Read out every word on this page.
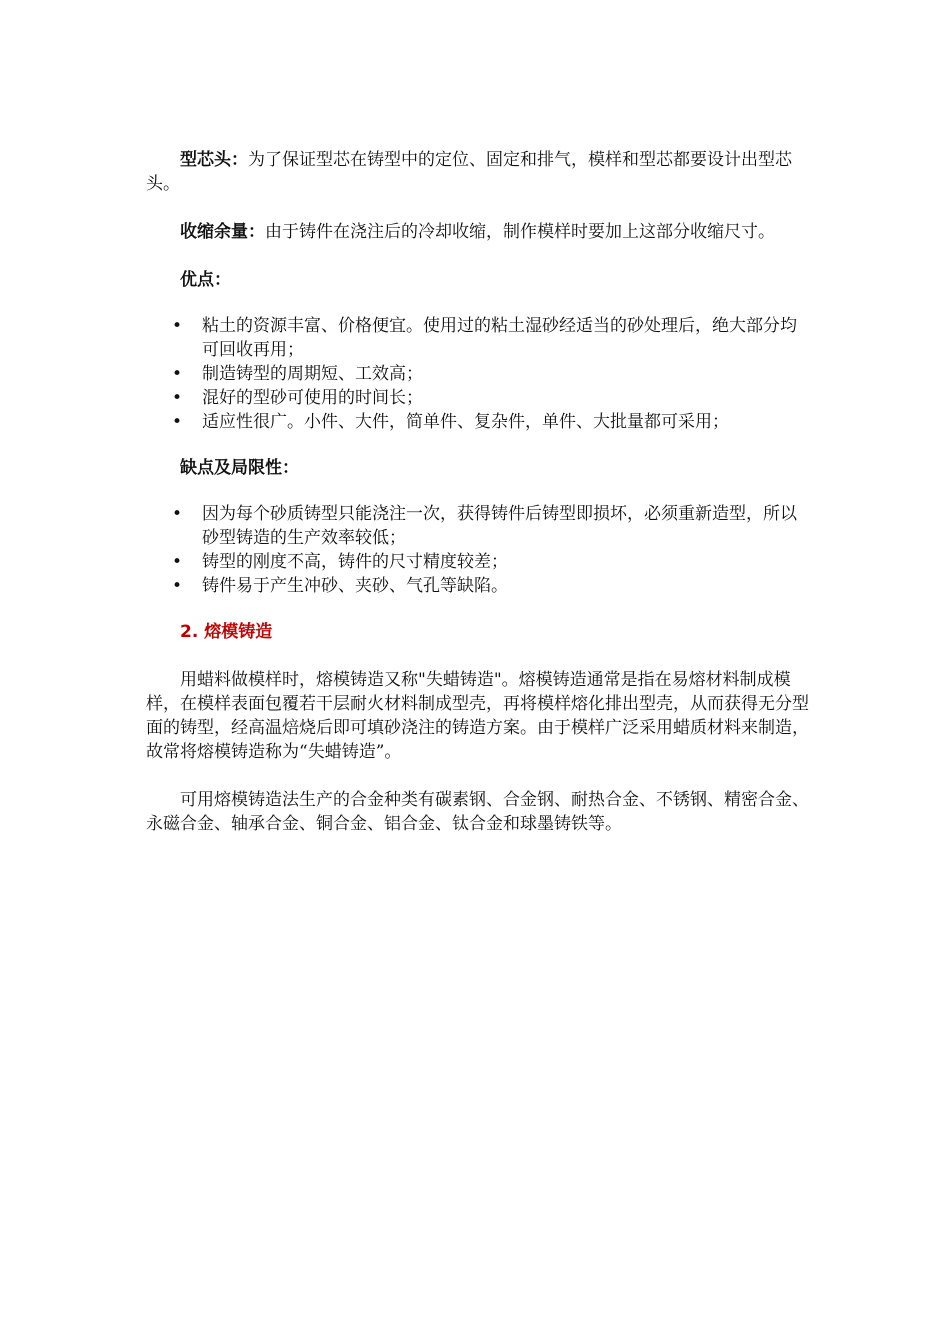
型芯头：为了保证型芯在铸型中的定位、固定和排气，模样和型芯都要设计出型芯头。

收缩余量：由于铸件在浇注后的冷却收缩，制作模样时要加上这部分收缩尺寸。

优点：
• 粘土的资源丰富、价格便宜。使用过的粘土湿砂经适当的砂处理后，绝大部分均可回收再用；
• 制造铸型的周期短、工效高；
• 混好的型砂可使用的时间长；
• 适应性很广。小件、大件，简单件、复杂件，单件、大批量都可采用；
缺点及局限性：
• 因为每个砂质铸型只能浇注一次，获得铸件后铸型即损坏，必须重新造型，所以砂型铸造的生产效率较低；
• 铸型的刚度不高，铸件的尺寸精度较差；
• 铸件易于产生冲砂、夹砂、气孔等缺陷。
2. 熔模铸造

用蜡料做模样时，熔模铸造又称"失蜡铸造"。熔模铸造通常是指在易熔材料制成模样，在模样表面包覆若干层耐火材料制成型壳，再将模样熔化排出型壳，从而获得无分型面的铸型，经高温焙烧后即可填砂浇注的铸造方案。由于模样广泛采用蜡质材料来制造，故常将熔模铸造称为“失蜡铸造”。

可用熔模铸造法生产的合金种类有碳素钢、合金钢、耐热合金、不锈钢、精密合金、永磁合金、轴承合金、铜合金、铝合金、钛合金和球墨铸铁等。
